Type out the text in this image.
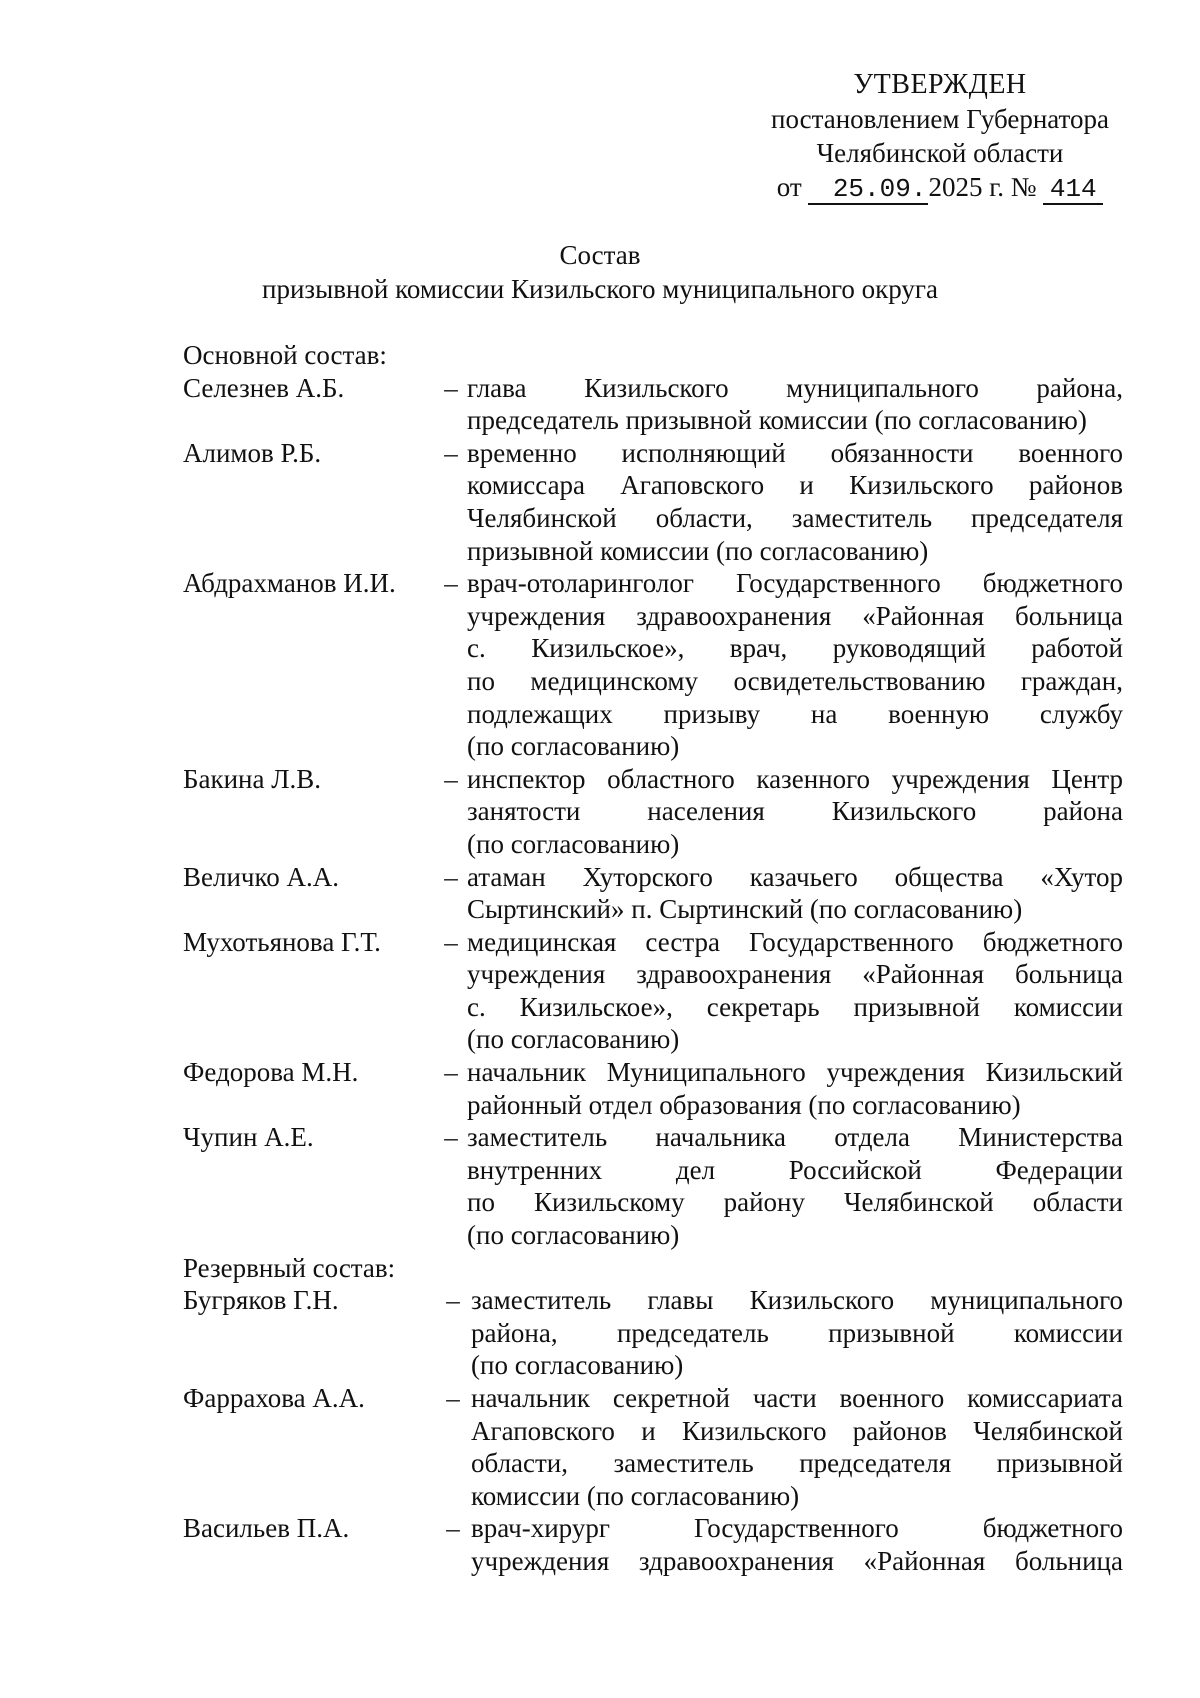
УТВЕРЖДЕН
постановлением Губернатора
Челябинской области
от 25.09.2025 г. № 414
Состав
призывной комиссии Кизильского муниципального округа
Основной состав:
Селезнев А.Б.	– глава Кизильского муниципального района,
председатель призывной комиссии (по согласованию)
Алимов Р.Б.	– временно исполняющий обязанности военного
комиссара Агаповского и Кизильского районов
Челябинской области, заместитель председателя
призывной комиссии (по согласованию)
Абдрахманов И.И.	– врач-отоларинголог Государственного бюджетного
учреждения здравоохранения «Районная больница
с. Кизильское», врач, руководящий работой
по медицинскому освидетельствованию граждан,
подлежащих призыву на военную службу
(по согласованию)
Бакина Л.В.	– инспектор областного казенного учреждения Центр
занятости населения Кизильского района
(по согласованию)
Величко А.А.	– атаман Хуторского казачьего общества «Хутор
Сыртинский» п. Сыртинский (по согласованию)
Мухотьянова Г.Т.	– медицинская сестра Государственного бюджетного
учреждения здравоохранения «Районная больница
с. Кизильское», секретарь призывной комиссии
(по согласованию)
Федорова М.Н.	– начальник Муниципального учреждения Кизильский
районный отдел образования (по согласованию)
Чупин А.Е.	– заместитель начальника отдела Министерства
внутренних дел Российской Федерации
по Кизильскому району Челябинской области
(по согласованию)
Резервный состав:
Бугряков Г.Н.	– заместитель главы Кизильского муниципального
района, председатель призывной комиссии
(по согласованию)
Фаррахова А.А.	– начальник секретной части военного комиссариата
Агаповского и Кизильского районов Челябинской
области, заместитель председателя призывной
комиссии (по согласованию)
Васильев П.А.	– врач-хирург Государственного бюджетного
учреждения здравоохранения «Районная больница
